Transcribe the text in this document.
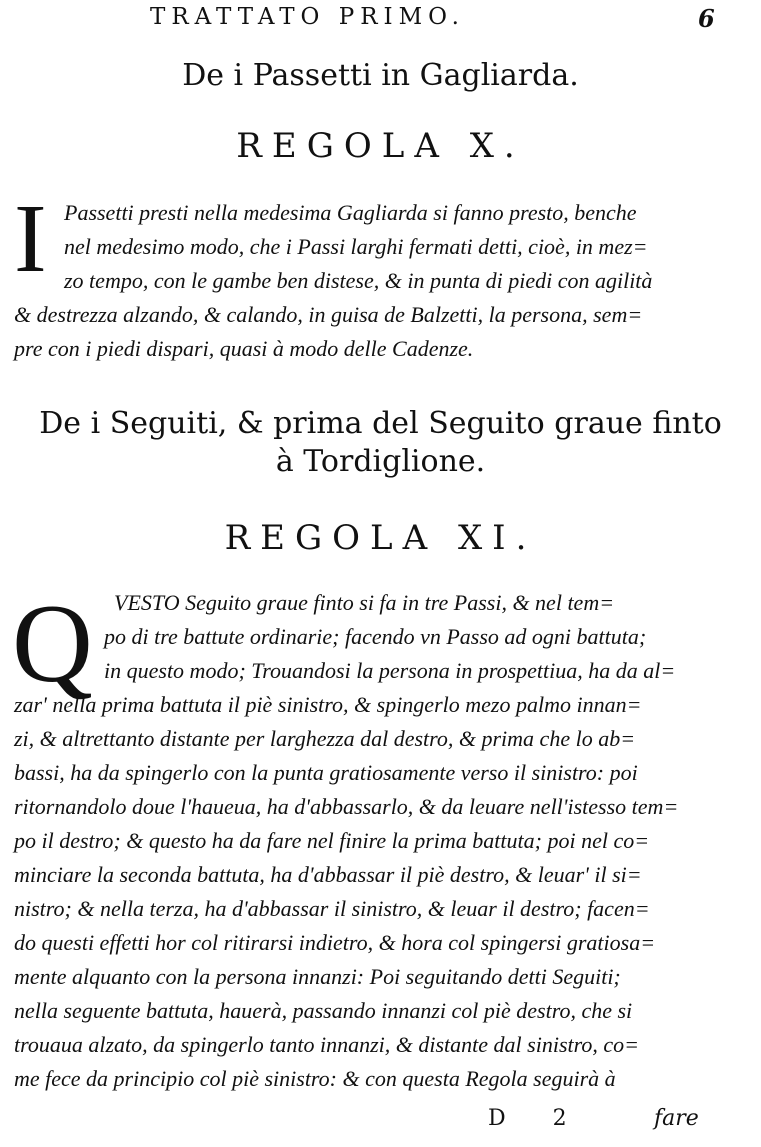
TRATTATO PRIMO.	6
De i Passetti in Gagliarda.
REGOLA X.
I Passetti presti nella medesima Gagliarda si fanno presto, benche
nel medesimo modo, che i Passi larghi fermati detti, cioè, in mez=
zo tempo, con le gambe ben distese, & in punta di piedi con agilità
& destrezza alzando, & calando, in guisa de Balzetti, la persona, sem=
pre con i piedi dispari, quasi à modo delle Cadenze.
De i Seguiti, & prima del Seguito graue finto
à Tordiglione.
REGOLA XI.
Q VESTO Seguito graue finto si fa in tre Passi, & nel tem=
po di tre battute ordinarie; facendo vn Passo ad ogni battuta;
in questo modo; Trouandosi la persona in prospettiua, ha da al=
zar' nella prima battuta il piè sinistro, & spingerlo mezo palmo innan=
zi, & altrettanto distante per larghezza dal destro, & prima che lo ab=
bassi, ha da spingerlo con la punta gratiosamente verso il sinistro: poi
ritornandolo doue l'haueua, ha d'abbassarlo, & da leuare nell'istesso tem=
po il destro; & questo ha da fare nel finire la prima battuta; poi nel co=
minciare la seconda battuta, ha d'abbassar il piè destro, & leuar' il si=
nistro; & nella terza, ha d'abbassar il sinistro, & leuar il destro; facen=
do questi effetti hor col ritirarsi indietro, & hora col spingersi gratiosa=
mente alquanto con la persona innanzi: Poi seguitando detti Seguiti;
nella seguente battuta, hauerà, passando innanzi col piè destro, che si
trouaua alzato, da spingerlo tanto innanzi, & distante dal sinistro, co=
me fece da principio col piè sinistro: & con questa Regola seguirà à
D 2	fare
